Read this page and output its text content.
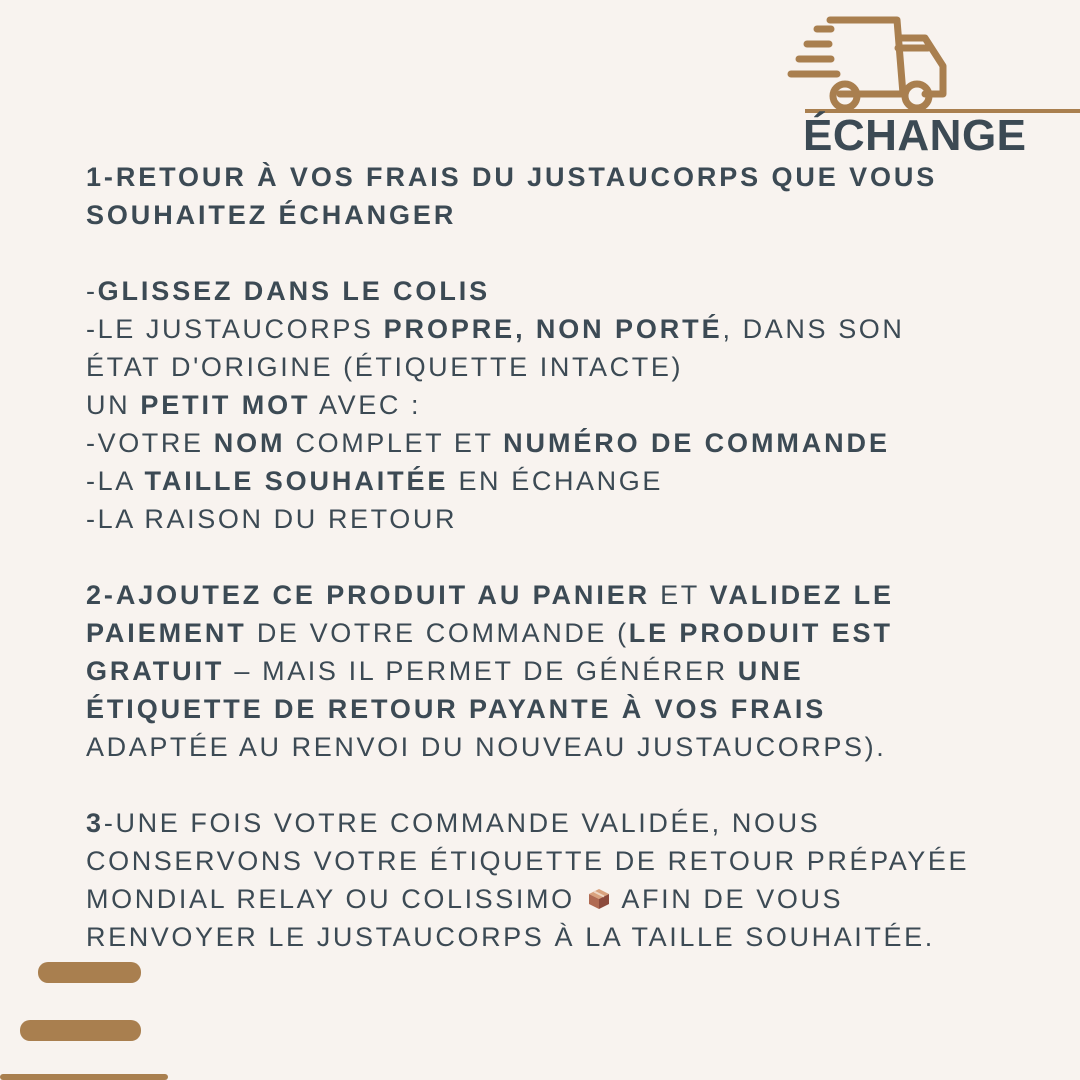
ÉCHANGE
1-RETOUR À VOS FRAIS DU JUSTAUCORPS QUE VOUS
SOUHAITEZ ÉCHANGER
-GLISSEZ DANS LE COLIS
-LE JUSTAUCORPS PROPRE, NON PORTÉ, DANS SON
ÉTAT D'ORIGINE (ÉTIQUETTE INTACTE)
UN PETIT MOT AVEC :
-VOTRE NOM COMPLET ET NUMÉRO DE COMMANDE
-LA TAILLE SOUHAITÉE EN ÉCHANGE
-LA RAISON DU RETOUR
2-AJOUTEZ CE PRODUIT AU PANIER ET VALIDEZ LE
PAIEMENT DE VOTRE COMMANDE (LE PRODUIT EST
GRATUIT – MAIS IL PERMET DE GÉNÉRER UNE
ÉTIQUETTE DE RETOUR PAYANTE À VOS FRAIS
ADAPTÉE AU RENVOI DU NOUVEAU JUSTAUCORPS).
3-UNE FOIS VOTRE COMMANDE VALIDÉE, NOUS
CONSERVONS VOTRE ÉTIQUETTE DE RETOUR PRÉPAYÉE
MONDIAL RELAY OU COLISSIMO  AFIN DE VOUS
RENVOYER LE JUSTAUCORPS À LA TAILLE SOUHAITÉE.
